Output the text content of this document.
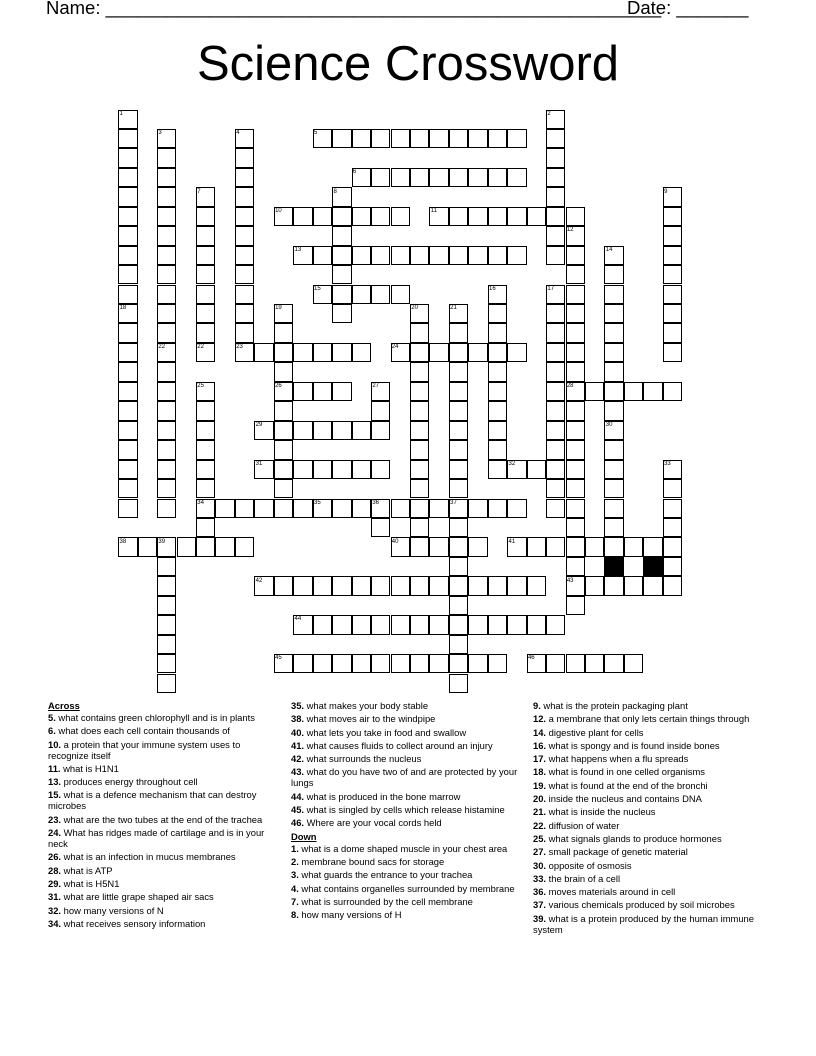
Name: ______________________________________________________
Date: _______
Science Crossword
5
6
10	11
13
15
22	23	24
26	28
29
31	32
34	35
38	40	41
42	43
44
45	46
1	2
3	4
7	8	9
12
14
16	17
18	19	20	21
22
25	27
30
33
36	37
39
Across
5. what contains green chlorophyll and is in plants
6. what does each cell contain thousands of
10. a protein that your immune system uses to recognize itself
11. what is H1N1
13. produces energy throughout cell
15. what is a defence mechanism that can destroy microbes
23. what are the two tubes at the end of the trachea
24. What has ridges made of cartilage and is in your neck
26. what is an infection in mucus membranes
28. what is ATP
29. what is H5N1
31. what are little grape shaped air sacs
32. how many versions of N
34. what receives sensory information
35. what makes your body stable
38. what moves air to the windpipe
40. what lets you take in food and swallow
41. what causes fluids to collect around an injury
42. what surrounds the nucleus
43. what do you have two of and are protected by your lungs
44. what is produced in the bone marrow
45. what is singled by cells which release histamine
46. Where are your vocal cords held
Down
1. what is a dome shaped muscle in your chest area
2. membrane bound sacs for storage
3. what guards the entrance to your trachea
4. what contains organelles surrounded by membrane
7. what is surrounded by the cell membrane
8. how many versions of H
9. what is the protein packaging plant
12. a membrane that only lets certain things through
14. digestive plant for cells
16. what is spongy and is found inside bones
17. what happens when a flu spreads
18. what is found in one celled organisms
19. what is found at the end of the bronchi
20. inside the nucleus and contains DNA
21. what is inside the nucleus
22. diffusion of water
25. what signals glands to produce hormones
27. small package of genetic material
30. opposite of osmosis
33. the brain of a cell
36. moves materials around in cell
37. various chemicals produced by soil microbes
39. what is a protein produced by the human immune system
